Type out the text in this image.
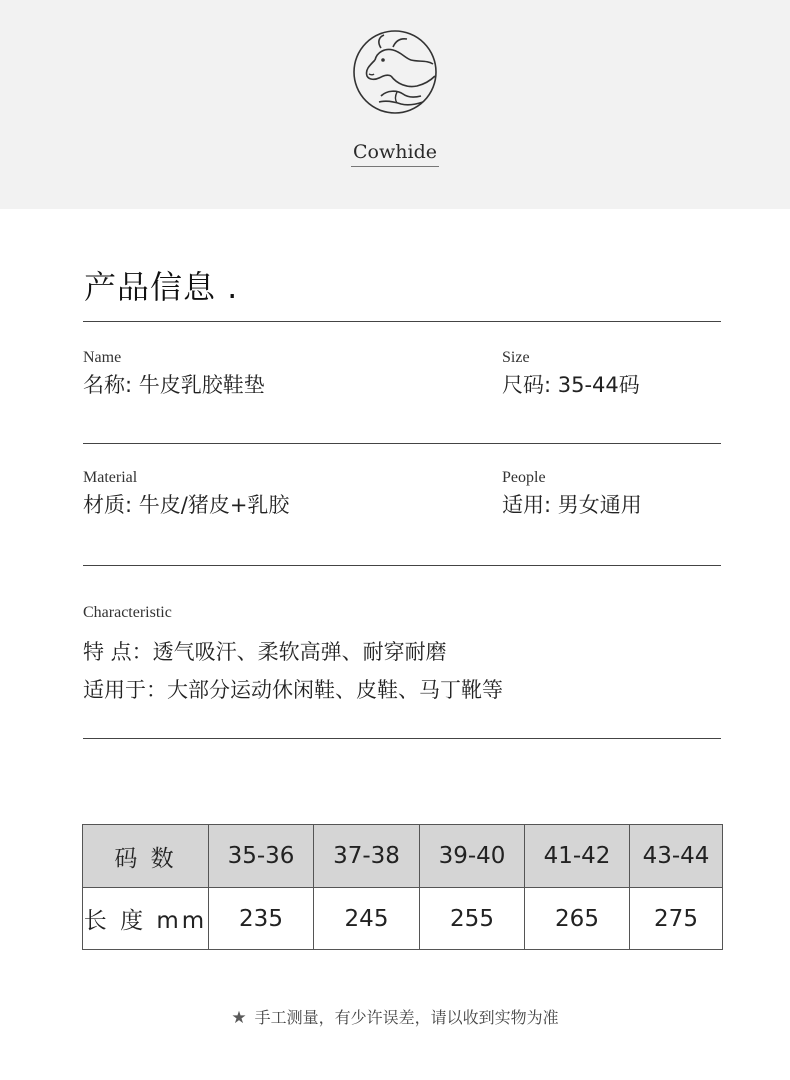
Cowhide
产品信息 .
Name
名称: 牛皮乳胶鞋垫
Size
尺码: 35-44码
Material
材质: 牛皮/猪皮+乳胶
People
适用: 男女通用
Characteristic
特 点：透气吸汗、柔软高弹、耐穿耐磨
适用于：大部分运动休闲鞋、皮鞋、马丁靴等
码 数	35-36	37-38	39-40	41-42	43-44
长 度 mm	235	245	255	265	275
★ 手工测量，有少许误差，请以收到实物为准
